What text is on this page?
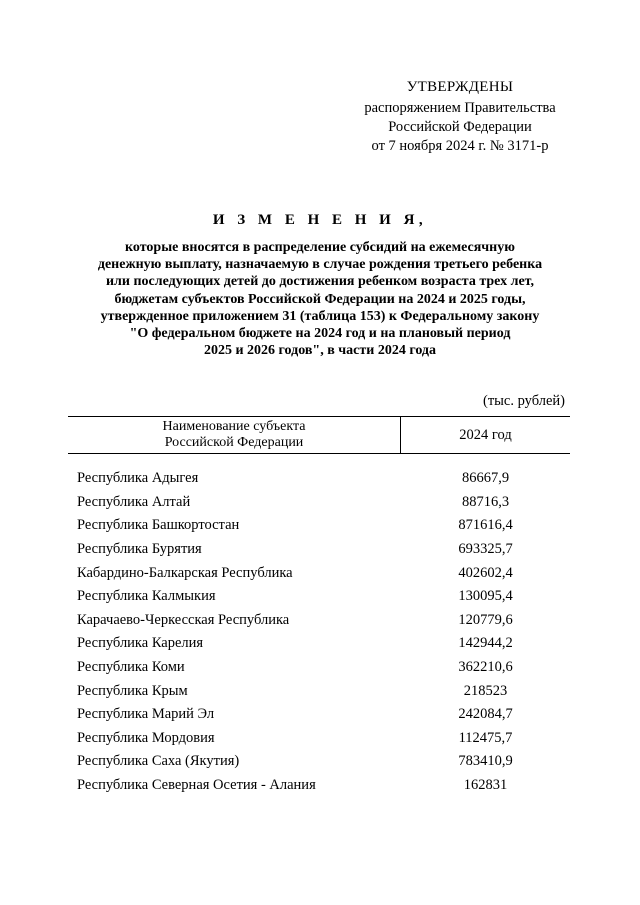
УТВЕРЖДЕНЫ
распоряжением Правительства
Российской Федерации
от 7 ноября 2024 г. № 3171-р
И З М Е Н Е Н И Я,
которые вносятся в распределение субсидий на ежемесячную
денежную выплату, назначаемую в случае рождения третьего ребенка
или последующих детей до достижения ребенком возраста трех лет,
бюджетам субъектов Российской Федерации на 2024 и 2025 годы,
утвержденное приложением 31 (таблица 153) к Федеральному закону
"О федеральном бюджете на 2024 год и на плановый период
2025 и 2026 годов", в части 2024 года
(тыс. рублей)
Наименование субъекта
Российской Федерации	2024 год
Республика Адыгея	86667,9
Республика Алтай	88716,3
Республика Башкортостан	871616,4
Республика Бурятия	693325,7
Кабардино-Балкарская Республика	402602,4
Республика Калмыкия	130095,4
Карачаево-Черкесская Республика	120779,6
Республика Карелия	142944,2
Республика Коми	362210,6
Республика Крым	218523
Республика Марий Эл	242084,7
Республика Мордовия	112475,7
Республика Саха (Якутия)	783410,9
Республика Северная Осетия - Алания	162831
